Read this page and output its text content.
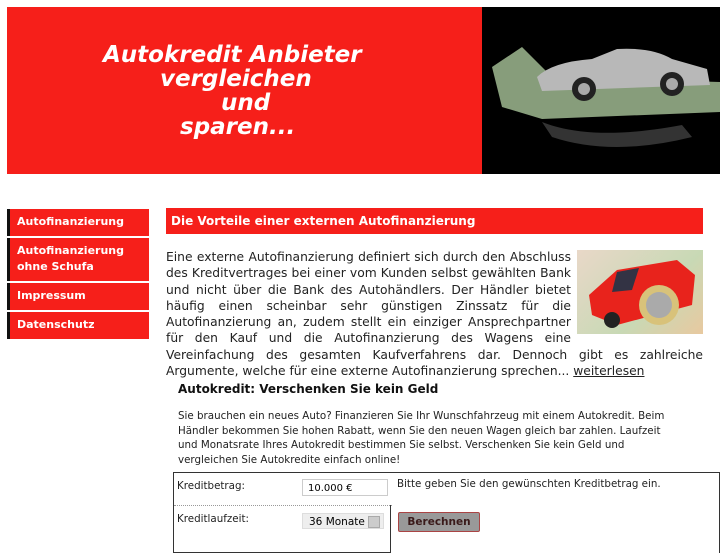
Autokredit Anbieter
vergleichen
und
sparen...
Autofinanzierung
Autofinanzierung ohne Schufa
Impressum
Datenschutz
Die Vorteile einer externen Autofinanzierung
Eine externe Autofinanzierung definiert sich durch den Abschluss des Kreditvertrages bei einer vom Kunden selbst gewählten Bank und nicht über die Bank des Autohändlers. Der Händler bietet häufig einen scheinbar sehr günstigen Zinssatz für die Autofinanzierung an, zudem stellt ein einziger Ansprechpartner für den Kauf und die Autofinanzierung des Wagens eine Vereinfachung des gesamten Kaufverfahrens dar. Dennoch gibt es zahlreiche Argumente, welche für eine externe Autofinanzierung sprechen... weiterlesen
Autokredit: Verschenken Sie kein Geld
Sie brauchen ein neues Auto? Finanzieren Sie Ihr Wunschfahrzeug mit einem Autokredit. Beim Händler bekommen Sie hohen Rabatt, wenn Sie den neuen Wagen gleich bar zahlen. Laufzeit und Monatsrate Ihres Autokredit bestimmen Sie selbst. Verschenken Sie kein Geld und vergleichen Sie Autokredite einfach online!
Kreditbetrag:	10.000 €	Bitte geben Sie den gewünschten Kreditbetrag ein.
Kreditlaufzeit:	36 Monate	Berechnen
